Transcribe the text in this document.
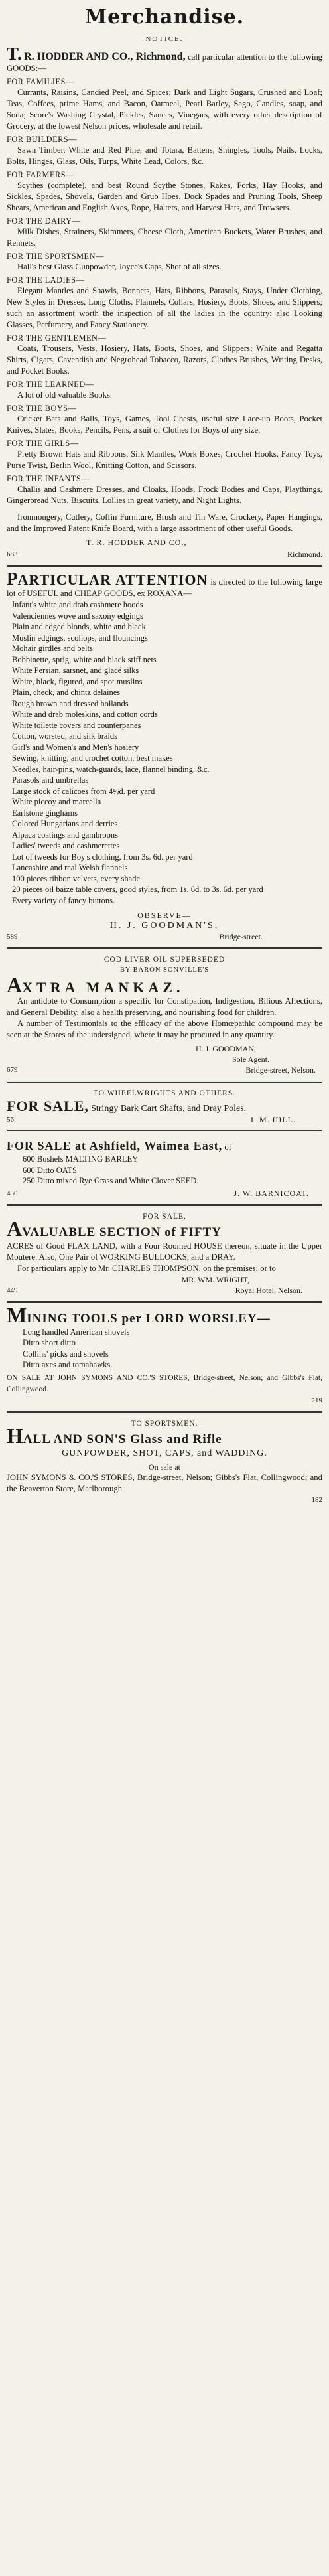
Merchandise.
NOTICE.

T. R. HODDER AND CO., Richmond, call particular attention to the following GOODS:—

FOR FAMILIES—

Currants, Raisins, Candied Peel, and Spices; Dark and Light Sugars, Crushed and Loaf; Teas, Coffees, prime Hams, and Bacon, Oatmeal, Pearl Barley, Sago, Candles, soap, and Soda; Score's Washing Crystal, Pickles, Sauces, Vinegars, with every other description of Grocery, at the lowest Nelson prices, wholesale and retail.

FOR BUILDERS—

Sawn Timber, White and Red Pine, and Totara, Battens, Shingles, Tools, Nails, Locks, Bolts, Hinges, Glass, Oils, Turps, White Lead, Colors, &c.

FOR FARMERS—

Scythes (complete), and best Round Scythe Stones, Rakes, Forks, Hay Hooks, and Sickles, Spades, Shovels, Garden and Grub Hoes, Dock Spades and Pruning Tools, Sheep Shears, American and English Axes, Rope, Halters, and Harvest Hats, and Trowsers.

FOR THE DAIRY—

Milk Dishes, Strainers, Skimmers, Cheese Cloth, American Buckets, Water Brushes, and Rennets.

FOR THE SPORTSMEN—

Hall's best Glass Gunpowder, Joyce's Caps, Shot of all sizes.

FOR THE LADIES—

Elegant Mantles and Shawls, Bonnets, Hats, Ribbons, Parasols, Stays, Under Clothing, New Styles in Dresses, Long Cloths, Flannels, Collars, Hosiery, Boots, Shoes, and Slippers; such an assortment worth the inspection of all the ladies in the country: also Looking Glasses, Perfumery, and Fancy Stationery.

FOR THE GENTLEMEN—

Coats, Trousers, Vests, Hosiery, Hats, Boots, Shoes, and Slippers; White and Regatta Shirts, Cigars, Cavendish and Negrohead Tobacco, Razors, Clothes Brushes, Writing Desks, and Pocket Books.

FOR THE LEARNED—

A lot of old valuable Books.

FOR THE BOYS—

Cricket Bats and Balls, Toys, Games, Tool Chests, useful size Lace-up Boots, Pocket Knives, Slates, Books, Pencils, Pens, a suit of Clothes for Boys of any size.

FOR THE GIRLS—

Pretty Brown Hats and Ribbons, Silk Mantles, Work Boxes, Crochet Hooks, Fancy Toys, Purse Twist, Berlin Wool, Knitting Cotton, and Scissors.

FOR THE INFANTS—

Challis and Cashmere Dresses, and Cloaks, Hoods, Frock Bodies and Caps, Playthings, Gingerbread Nuts, Biscuits, Lollies in great variety, and Night Lights.

Ironmongery, Cutlery, Coffin Furniture, Brush and Tin Ware, Crockery, Paper Hangings, and the Improved Patent Knife Board, with a large assortment of other useful Goods.

T. R. HODDER AND CO.,
683	Richmond.

PARTICULAR ATTENTION is directed to the following large lot of USEFUL and CHEAP GOODS, ex ROXANA—

Infant's white and drab cashmere hoods

Valenciennes wove and saxony edgings

Plain and edged blonds, white and black

Muslin edgings, scollops, and flouncings

Mohair girdles and belts

Bobbinette, sprig, white and black stiff nets

White Persian, sarsnet, and glacé silks

White, black, figured, and spot muslins

Plain, check, and chintz delaines

Rough brown and dressed hollands

White and drab moleskins, and cotton cords

White toilette covers and counterpanes

Cotton, worsted, and silk braids

Girl's and Women's and Men's hosiery

Sewing, knitting, and crochet cotton, best makes

Needles, hair-pins, watch-guards, lace, flannel binding, &c.

Parasols and umbrellas

Large stock of calicoes from 4½d. per yard

White piccoy and marcella

Earlstone ginghams

Colored Hungarians and derries

Alpaca coatings and gambroons

Ladies' tweeds and cashmerettes

Lot of tweeds for Boy's clothing, from 3s. 6d. per yard

Lancashire and real Welsh flannels

100 pieces ribbon velvets, every shade

20 pieces oil baize table covers, good styles, from 1s. 6d. to 3s. 6d. per yard

Every variety of fancy buttons.

OBSERVE—
H. J. GOODMAN'S,
589	Bridge-street.
COD LIVER OIL SUPERSEDED
BY BARON SONVILLE'S

AXTRA MANKAZ.

An antidote to Consumption a specific for Constipation, Indigestion, Bilious Affections, and General Debility, also a health preserving, and nourishing food for children.

A number of Testimonials to the efficacy of the above Homœpathic compound may be seen at the Stores of the undersigned, where it may be procured in any quantity.

H. J. GOODMAN,

Sole Agent.

679	Bridge-street, Nelson.
TO WHEELWRIGHTS AND OTHERS.

FOR SALE, Stringy Bark Cart Shafts, and Dray Poles.

56	I. M. HILL.

FOR SALE at Ashfield, Waimea East, of

600 Bushels MALTING BARLEY

600 Ditto OATS

250 Ditto mixed Rye Grass and White Clover SEED.

450	J. W. BARNICOAT.
FOR SALE.

AVALUABLE SECTION of FIFTY

ACRES of Good FLAX LAND, with a Four Roomed HOUSE thereon, situate in the Upper Moutere. Also, One Pair of WORKING BULLOCKS, and a DRAY.

For particulars apply to Mr. CHARLES THOMPSON, on the premises; or to

MR. WM. WRIGHT,

449	Royal Hotel, Nelson.

MINING TOOLS per LORD WORSLEY—

Long handled American shovels

Ditto short ditto

Collins' picks and shovels

Ditto axes and tomahawks.

ON SALE AT JOHN SYMONS AND CO.'S STORES, Bridge-street, Nelson; and Gibbs's Flat, Collingwood.

219
TO SPORTSMEN.

HALL AND SON'S Glass and Rifle

GUNPOWDER, SHOT, CAPS, and WADDING.

On sale at

JOHN SYMONS & CO.'S STORES, Bridge-street, Nelson; Gibbs's Flat, Collingwood; and the Beaverton Store, Marlborough.

182
